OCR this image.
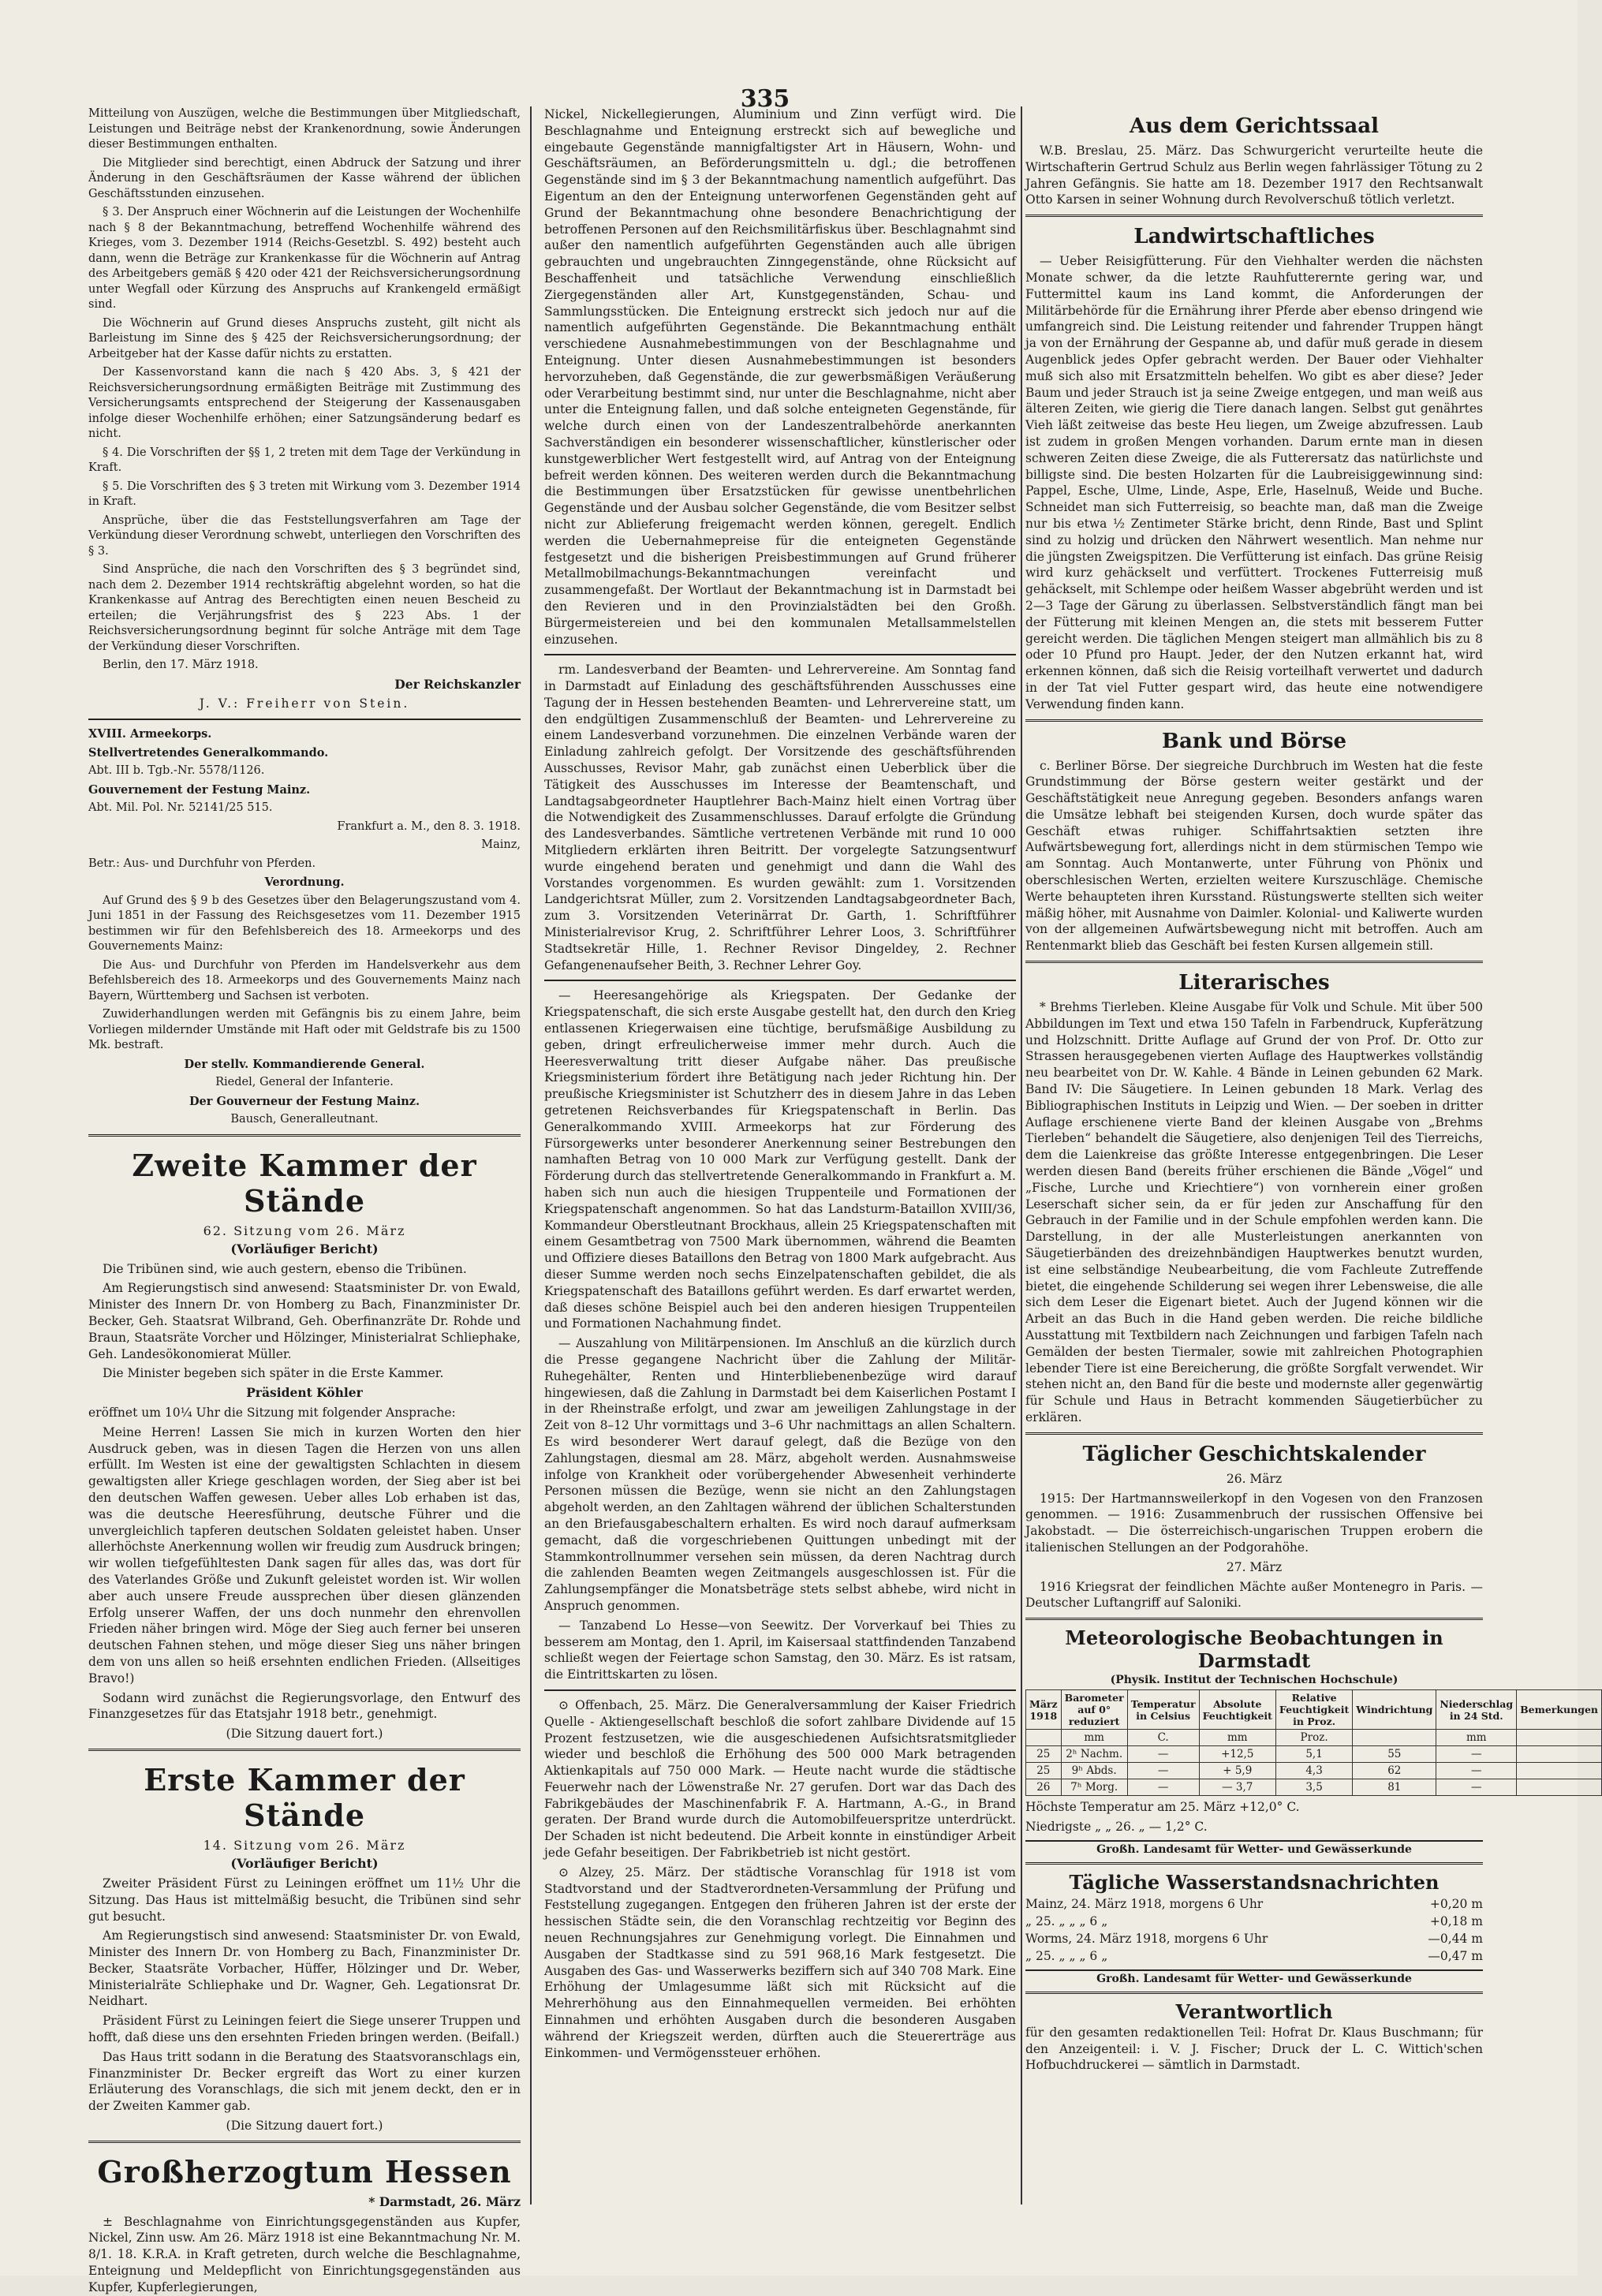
335

Mitteilung von Auszügen, welche die Bestimmungen über Mitgliedschaft, Leistungen und Beiträge nebst der Krankenordnung, sowie Änderungen dieser Bestimmungen enthalten.

Die Mitglieder sind berechtigt, einen Abdruck der Satzung und ihrer Änderung in den Geschäftsräumen der Kasse während der üblichen Geschäftsstunden einzusehen.

§ 3. Der Anspruch einer Wöchnerin auf die Leistungen der Wochenhilfe nach § 8 der Bekanntmachung, betreffend Wochenhilfe während des Krieges, vom 3. Dezember 1914 (Reichs-Gesetzbl. S. 492) besteht auch dann, wenn die Beträge zur Krankenkasse für die Wöchnerin auf Antrag des Arbeitgebers gemäß § 420 oder 421 der Reichsversicherungsordnung unter Wegfall oder Kürzung des Anspruchs auf Krankengeld ermäßigt sind.

Die Wöchnerin auf Grund dieses Anspruchs zusteht, gilt nicht als Barleistung im Sinne des § 425 der Reichsversicherungsordnung; der Arbeitgeber hat der Kasse dafür nichts zu erstatten.

Der Kassenvorstand kann die nach § 420 Abs. 3, § 421 der Reichsversicherungsordnung ermäßigten Beiträge mit Zustimmung des Versicherungsamts entsprechend der Steigerung der Kassenausgaben infolge dieser Wochenhilfe erhöhen; einer Satzungsänderung bedarf es nicht.

§ 4. Die Vorschriften der §§ 1, 2 treten mit dem Tage der Verkündung in Kraft.

§ 5. Die Vorschriften des § 3 treten mit Wirkung vom 3. Dezember 1914 in Kraft.

Ansprüche, über die das Feststellungsverfahren am Tage der Verkündung dieser Verordnung schwebt, unterliegen den Vorschriften des § 3.

Sind Ansprüche, die nach den Vorschriften des § 3 begründet sind, nach dem 2. Dezember 1914 rechtskräftig abgelehnt worden, so hat die Krankenkasse auf Antrag des Berechtigten einen neuen Bescheid zu erteilen; die Verjährungsfrist des § 223 Abs. 1 der Reichsversicherungsordnung beginnt für solche Anträge mit dem Tage der Verkündung dieser Vorschriften.

Berlin, den 17. März 1918.

Der Reichskanzler

J. V.: Freiherr von Stein.

XVIII. Armeekorps.

Stellvertretendes Generalkommando.

Abt. III b. Tgb.-Nr. 5578/1126.

Gouvernement der Festung Mainz.

Abt. Mil. Pol. Nr. 52141/25 515.

Frankfurt a. M., den 8. 3. 1918.

Mainz,

Betr.: Aus- und Durchfuhr von Pferden.

Verordnung.

Auf Grund des § 9 b des Gesetzes über den Belagerungszustand vom 4. Juni 1851 in der Fassung des Reichsgesetzes vom 11. Dezember 1915 bestimmen wir für den Befehlsbereich des 18. Armeekorps und des Gouvernements Mainz:

Die Aus- und Durchfuhr von Pferden im Handelsverkehr aus dem Befehlsbereich des 18. Armeekorps und des Gouvernements Mainz nach Bayern, Württemberg und Sachsen ist verboten.

Zuwiderhandlungen werden mit Gefängnis bis zu einem Jahre, beim Vorliegen mildernder Umstände mit Haft oder mit Geldstrafe bis zu 1500 Mk. bestraft.

Der stellv. Kommandierende General.

Riedel, General der Infanterie.

Der Gouverneur der Festung Mainz.

Bausch, Generalleutnant.

Zweite Kammer der Stände
62. Sitzung vom 26. März
(Vorläufiger Bericht)

Die Tribünen sind, wie auch gestern, ebenso die Tribünen.

Am Regierungstisch sind anwesend: Staatsminister Dr. von Ewald, Minister des Innern Dr. von Homberg zu Bach, Finanzminister Dr. Becker, Geh. Staatsrat Wilbrand, Geh. Oberfinanzräte Dr. Rohde und Braun, Staatsräte Vorcher und Hölzinger, Ministerialrat Schliephake, Geh. Landesökonomierat Müller.

Die Minister begeben sich später in die Erste Kammer.

Präsident Köhler

eröffnet um 10¼ Uhr die Sitzung mit folgender Ansprache:

Meine Herren! Lassen Sie mich in kurzen Worten den hier Ausdruck geben, was in diesen Tagen die Herzen von uns allen erfüllt. Im Westen ist eine der gewaltigsten Schlachten in diesem gewaltigsten aller Kriege geschlagen worden, der Sieg aber ist bei den deutschen Waffen gewesen. Ueber alles Lob erhaben ist das, was die deutsche Heeresführung, deutsche Führer und die unvergleichlich tapferen deutschen Soldaten geleistet haben. Unser allerhöchste Anerkennung wollen wir freudig zum Ausdruck bringen; wir wollen tiefgefühltesten Dank sagen für alles das, was dort für des Vaterlandes Größe und Zukunft geleistet worden ist. Wir wollen aber auch unsere Freude aussprechen über diesen glänzenden Erfolg unserer Waffen, der uns doch nunmehr den ehrenvollen Frieden näher bringen wird. Möge der Sieg auch ferner bei unseren deutschen Fahnen stehen, und möge dieser Sieg uns näher bringen dem von uns allen so heiß ersehnten endlichen Frieden. (Allseitiges Bravo!)

Sodann wird zunächst die Regierungsvorlage, den Entwurf des Finanzgesetzes für das Etatsjahr 1918 betr., genehmigt.

(Die Sitzung dauert fort.)

Erste Kammer der Stände
14. Sitzung vom 26. März
(Vorläufiger Bericht)

Zweiter Präsident Fürst zu Leiningen eröffnet um 11½ Uhr die Sitzung. Das Haus ist mittelmäßig besucht, die Tribünen sind sehr gut besucht.

Am Regierungstisch sind anwesend: Staatsminister Dr. von Ewald, Minister des Innern Dr. von Homberg zu Bach, Finanzminister Dr. Becker, Staatsräte Vorbacher, Hüffer, Hölzinger und Dr. Weber, Ministerialräte Schliephake und Dr. Wagner, Geh. Legationsrat Dr. Neidhart.

Präsident Fürst zu Leiningen feiert die Siege unserer Truppen und hofft, daß diese uns den ersehnten Frieden bringen werden. (Beifall.)

Das Haus tritt sodann in die Beratung des Staatsvoranschlags ein, Finanzminister Dr. Becker ergreift das Wort zu einer kurzen Erläuterung des Voranschlags, die sich mit jenem deckt, den er in der Zweiten Kammer gab.

(Die Sitzung dauert fort.)

Großherzogtum Hessen

* Darmstadt, 26. März

± Beschlagnahme von Einrichtungsgegenständen aus Kupfer, Nickel, Zinn usw. Am 26. März 1918 ist eine Bekanntmachung Nr. M. 8/1. 18. K.R.A. in Kraft getreten, durch welche die Beschlagnahme, Enteignung und Meldepflicht von Einrichtungsgegenständen aus Kupfer, Kupferlegierungen,

Nickel, Nickellegierungen, Aluminium und Zinn verfügt wird. Die Beschlagnahme und Enteignung erstreckt sich auf bewegliche und eingebaute Gegenstände mannigfaltigster Art in Häusern, Wohn- und Geschäftsräumen, an Beförderungsmitteln u. dgl.; die betroffenen Gegenstände sind im § 3 der Bekanntmachung namentlich aufgeführt. Das Eigentum an den der Enteignung unterworfenen Gegenständen geht auf Grund der Bekanntmachung ohne besondere Benachrichtigung der betroffenen Personen auf den Reichsmilitärfiskus über. Beschlagnahmt sind außer den namentlich aufgeführten Gegenständen auch alle übrigen gebrauchten und ungebrauchten Zinngegenstände, ohne Rücksicht auf Beschaffenheit und tatsächliche Verwendung einschließlich Ziergegenständen aller Art, Kunstgegenständen, Schau- und Sammlungsstücken. Die Enteignung erstreckt sich jedoch nur auf die namentlich aufgeführten Gegenstände. Die Bekanntmachung enthält verschiedene Ausnahmebestimmungen von der Beschlagnahme und Enteignung. Unter diesen Ausnahmebestimmungen ist besonders hervorzuheben, daß Gegenstände, die zur gewerbsmäßigen Veräußerung oder Verarbeitung bestimmt sind, nur unter die Beschlagnahme, nicht aber unter die Enteignung fallen, und daß solche enteigneten Gegenstände, für welche durch einen von der Landeszentralbehörde anerkannten Sachverständigen ein besonderer wissenschaftlicher, künstlerischer oder kunstgewerblicher Wert festgestellt wird, auf Antrag von der Enteignung befreit werden können. Des weiteren werden durch die Bekanntmachung die Bestimmungen über Ersatzstücken für gewisse unentbehrlichen Gegenstände und der Ausbau solcher Gegenstände, die vom Besitzer selbst nicht zur Ablieferung freigemacht werden können, geregelt. Endlich werden die Uebernahmepreise für die enteigneten Gegenstände festgesetzt und die bisherigen Preisbestimmungen auf Grund früherer Metallmobilmachungs-Bekanntmachungen vereinfacht und zusammengefaßt. Der Wortlaut der Bekanntmachung ist in Darmstadt bei den Revieren und in den Provinzialstädten bei den Großh. Bürgermeistereien und bei den kommunalen Metallsammelstellen einzusehen.

rm. Landesverband der Beamten- und Lehrervereine. Am Sonntag fand in Darmstadt auf Einladung des geschäftsführenden Ausschusses eine Tagung der in Hessen bestehenden Beamten- und Lehrervereine statt, um den endgültigen Zusammenschluß der Beamten- und Lehrervereine zu einem Landesverband vorzunehmen. Die einzelnen Verbände waren der Einladung zahlreich gefolgt. Der Vorsitzende des geschäftsführenden Ausschusses, Revisor Mahr, gab zunächst einen Ueberblick über die Tätigkeit des Ausschusses im Interesse der Beamtenschaft, und Landtagsabgeordneter Hauptlehrer Bach-Mainz hielt einen Vortrag über die Notwendigkeit des Zusammenschlusses. Darauf erfolgte die Gründung des Landesverbandes. Sämtliche vertretenen Verbände mit rund 10 000 Mitgliedern erklärten ihren Beitritt. Der vorgelegte Satzungsentwurf wurde eingehend beraten und genehmigt und dann die Wahl des Vorstandes vorgenommen. Es wurden gewählt: zum 1. Vorsitzenden Landgerichtsrat Müller, zum 2. Vorsitzenden Landtagsabgeordneter Bach, zum 3. Vorsitzenden Veterinärrat Dr. Garth, 1. Schriftführer Ministerialrevisor Krug, 2. Schriftführer Lehrer Loos, 3. Schriftführer Stadtsekretär Hille, 1. Rechner Revisor Dingeldey, 2. Rechner Gefangenenaufseher Beith, 3. Rechner Lehrer Goy.

— Heeresangehörige als Kriegspaten. Der Gedanke der Kriegspatenschaft, die sich erste Ausgabe gestellt hat, den durch den Krieg entlassenen Kriegerwaisen eine tüchtige, berufsmäßige Ausbildung zu geben, dringt erfreulicherweise immer mehr durch. Auch die Heeresverwaltung tritt dieser Aufgabe näher. Das preußische Kriegsministerium fördert ihre Betätigung nach jeder Richtung hin. Der preußische Kriegsminister ist Schutzherr des in diesem Jahre in das Leben getretenen Reichsverbandes für Kriegspatenschaft in Berlin. Das Generalkommando XVIII. Armeekorps hat zur Förderung des Fürsorgewerks unter besonderer Anerkennung seiner Bestrebungen den namhaften Betrag von 10 000 Mark zur Verfügung gestellt. Dank der Förderung durch das stellvertretende Generalkommando in Frankfurt a. M. haben sich nun auch die hiesigen Truppenteile und Formationen der Kriegspatenschaft angenommen. So hat das Landsturm-Bataillon XVIII/36, Kommandeur Oberstleutnant Brockhaus, allein 25 Kriegspatenschaften mit einem Gesamtbetrag von 7500 Mark übernommen, während die Beamten und Offiziere dieses Bataillons den Betrag von 1800 Mark aufgebracht. Aus dieser Summe werden noch sechs Einzelpatenschaften gebildet, die als Kriegspatenschaft des Bataillons geführt werden. Es darf erwartet werden, daß dieses schöne Beispiel auch bei den anderen hiesigen Truppenteilen und Formationen Nachahmung findet.

— Auszahlung von Militärpensionen. Im Anschluß an die kürzlich durch die Presse gegangene Nachricht über die Zahlung der Militär-Ruhegehälter, Renten und Hinterbliebenenbezüge wird darauf hingewiesen, daß die Zahlung in Darmstadt bei dem Kaiserlichen Postamt I in der Rheinstraße erfolgt, und zwar am jeweiligen Zahlungstage in der Zeit von 8–12 Uhr vormittags und 3–6 Uhr nachmittags an allen Schaltern. Es wird besonderer Wert darauf gelegt, daß die Bezüge von den Zahlungstagen, diesmal am 28. März, abgeholt werden. Ausnahmsweise infolge von Krankheit oder vorübergehender Abwesenheit verhinderte Personen müssen die Bezüge, wenn sie nicht an den Zahlungstagen abgeholt werden, an den Zahltagen während der üblichen Schalterstunden an den Briefausgabeschaltern erhalten. Es wird noch darauf aufmerksam gemacht, daß die vorgeschriebenen Quittungen unbedingt mit der Stammkontrollnummer versehen sein müssen, da deren Nachtrag durch die zahlenden Beamten wegen Zeitmangels ausgeschlossen ist. Für die Zahlungsempfänger die Monatsbeträge stets selbst abhebe, wird nicht in Anspruch genommen.

— Tanzabend Lo Hesse—von Seewitz. Der Vorverkauf bei Thies zu besserem am Montag, den 1. April, im Kaisersaal stattfindenden Tanzabend schließt wegen der Feiertage schon Samstag, den 30. März. Es ist ratsam, die Eintrittskarten zu lösen.

⊙ Offenbach, 25. März. Die Generalversammlung der Kaiser Friedrich Quelle - Aktiengesellschaft beschloß die sofort zahlbare Dividende auf 15 Prozent festzusetzen, wie die ausgeschiedenen Aufsichtsratsmitglieder wieder und beschloß die Erhöhung des 500 000 Mark betragenden Aktienkapitals auf 750 000 Mark. — Heute nacht wurde die städtische Feuerwehr nach der Löwenstraße Nr. 27 gerufen. Dort war das Dach des Fabrikgebäudes der Maschinenfabrik F. A. Hartmann, A.-G., in Brand geraten. Der Brand wurde durch die Automobilfeuerspritze unterdrückt. Der Schaden ist nicht bedeutend. Die Arbeit konnte in einstündiger Arbeit jede Gefahr beseitigen. Der Fabrikbetrieb ist nicht gestört.

⊙ Alzey, 25. März. Der städtische Voranschlag für 1918 ist vom Stadtvorstand und der Stadtverordneten-Versammlung der Prüfung und Feststellung zugegangen. Entgegen den früheren Jahren ist der erste der hessischen Städte sein, die den Voranschlag rechtzeitig vor Beginn des neuen Rechnungsjahres zur Genehmigung vorlegt. Die Einnahmen und Ausgaben der Stadtkasse sind zu 591 968,16 Mark festgesetzt. Die Ausgaben des Gas- und Wasserwerks beziffern sich auf 340 708 Mark. Eine Erhöhung der Umlagesumme läßt sich mit Rücksicht auf die Mehrerhöhung aus den Einnahmequellen vermeiden. Bei erhöhten Einnahmen und erhöhten Ausgaben durch die besonderen Ausgaben während der Kriegszeit werden, dürften auch die Steuererträge aus Einkommen- und Vermögenssteuer erhöhen.

Aus dem Gerichtssaal

W.B. Breslau, 25. März. Das Schwurgericht verurteilte heute die Wirtschafterin Gertrud Schulz aus Berlin wegen fahrlässiger Tötung zu 2 Jahren Gefängnis. Sie hatte am 18. Dezember 1917 den Rechtsanwalt Otto Karsen in seiner Wohnung durch Revolverschuß tötlich verletzt.

Landwirtschaftliches

— Ueber Reisigfütterung. Für den Viehhalter werden die nächsten Monate schwer, da die letzte Rauhfutterernte gering war, und Futtermittel kaum ins Land kommt, die Anforderungen der Militärbehörde für die Ernährung ihrer Pferde aber ebenso dringend wie umfangreich sind. Die Leistung reitender und fahrender Truppen hängt ja von der Ernährung der Gespanne ab, und dafür muß gerade in diesem Augenblick jedes Opfer gebracht werden. Der Bauer oder Viehhalter muß sich also mit Ersatzmitteln behelfen. Wo gibt es aber diese? Jeder Baum und jeder Strauch ist ja seine Zweige entgegen, und man weiß aus älteren Zeiten, wie gierig die Tiere danach langen. Selbst gut genährtes Vieh läßt zeitweise das beste Heu liegen, um Zweige abzufressen. Laub ist zudem in großen Mengen vorhanden. Darum ernte man in diesen schweren Zeiten diese Zweige, die als Futterersatz das natürlichste und billigste sind. Die besten Holzarten für die Laubreisiggewinnung sind: Pappel, Esche, Ulme, Linde, Aspe, Erle, Haselnuß, Weide und Buche. Schneidet man sich Futterreisig, so beachte man, daß man die Zweige nur bis etwa ½ Zentimeter Stärke bricht, denn Rinde, Bast und Splint sind zu holzig und drücken den Nährwert wesentlich. Man nehme nur die jüngsten Zweigspitzen. Die Verfütterung ist einfach. Das grüne Reisig wird kurz gehäckselt und verfüttert. Trockenes Futterreisig muß gehäckselt, mit Schlempe oder heißem Wasser abgebrüht werden und ist 2—3 Tage der Gärung zu überlassen. Selbstverständlich fängt man bei der Fütterung mit kleinen Mengen an, die stets mit besserem Futter gereicht werden. Die täglichen Mengen steigert man allmählich bis zu 8 oder 10 Pfund pro Haupt. Jeder, der den Nutzen erkannt hat, wird erkennen können, daß sich die Reisig vorteilhaft verwertet und dadurch in der Tat viel Futter gespart wird, das heute eine notwendigere Verwendung finden kann.

Bank und Börse

c. Berliner Börse. Der siegreiche Durchbruch im Westen hat die feste Grundstimmung der Börse gestern weiter gestärkt und der Geschäftstätigkeit neue Anregung gegeben. Besonders anfangs waren die Umsätze lebhaft bei steigenden Kursen, doch wurde später das Geschäft etwas ruhiger. Schiffahrtsaktien setzten ihre Aufwärtsbewegung fort, allerdings nicht in dem stürmischen Tempo wie am Sonntag. Auch Montanwerte, unter Führung von Phönix und oberschlesischen Werten, erzielten weitere Kurszuschläge. Chemische Werte behaupteten ihren Kursstand. Rüstungswerte stellten sich weiter mäßig höher, mit Ausnahme von Daimler. Kolonial- und Kaliwerte wurden von der allgemeinen Aufwärtsbewegung nicht mit betroffen. Auch am Rentenmarkt blieb das Geschäft bei festen Kursen allgemein still.

Literarisches

* Brehms Tierleben. Kleine Ausgabe für Volk und Schule. Mit über 500 Abbildungen im Text und etwa 150 Tafeln in Farbendruck, Kupferätzung und Holzschnitt. Dritte Auflage auf Grund der von Prof. Dr. Otto zur Strassen herausgegebenen vierten Auflage des Hauptwerkes vollständig neu bearbeitet von Dr. W. Kahle. 4 Bände in Leinen gebunden 62 Mark. Band IV: Die Säugetiere. In Leinen gebunden 18 Mark. Verlag des Bibliographischen Instituts in Leipzig und Wien. — Der soeben in dritter Auflage erschienene vierte Band der kleinen Ausgabe von „Brehms Tierleben“ behandelt die Säugetiere, also denjenigen Teil des Tierreichs, dem die Laienkreise das größte Interesse entgegenbringen. Die Leser werden diesen Band (bereits früher erschienen die Bände „Vögel“ und „Fische, Lurche und Kriechtiere“) von vornherein einer großen Leserschaft sicher sein, da er für jeden zur Anschaffung für den Gebrauch in der Familie und in der Schule empfohlen werden kann. Die Darstellung, in der alle Musterleistungen anerkannten von Säugetierbänden des dreizehnbändigen Hauptwerkes benutzt wurden, ist eine selbständige Neubearbeitung, die vom Fachleute Zutreffende bietet, die eingehende Schilderung sei wegen ihrer Lebensweise, die alle sich dem Leser die Eigenart bietet. Auch der Jugend können wir die Arbeit an das Buch in die Hand geben werden. Die reiche bildliche Ausstattung mit Textbildern nach Zeichnungen und farbigen Tafeln nach Gemälden der besten Tiermaler, sowie mit zahlreichen Photographien lebender Tiere ist eine Bereicherung, die größte Sorgfalt verwendet. Wir stehen nicht an, den Band für die beste und modernste aller gegenwärtig für Schule und Haus in Betracht kommenden Säugetierbücher zu erklären.

Täglicher Geschichtskalender

26. März

1915: Der Hartmannsweilerkopf in den Vogesen von den Franzosen genommen. — 1916: Zusammenbruch der russischen Offensive bei Jakobstadt. — Die österreichisch-ungarischen Truppen erobern die italienischen Stellungen an der Podgorahöhe.

27. März

1916 Kriegsrat der feindlichen Mächte außer Montenegro in Paris. — Deutscher Luftangriff auf Saloniki.

Meteorologische Beobachtungen in Darmstadt
(Physik. Institut der Technischen Hochschule)
März 1918	Barometer auf 0° reduziert	Temperatur in Celsius	Absolute Feuchtigkeit	Relative Feuchtigkeit in Proz.	Windrichtung	Niederschlag in 24 Std.	Bemerkungen
	mm	C.	mm	Proz.		mm	
25	2ʰ Nachm.	—	+12,5	5,1	55	—	
25	9ʰ Abds.	—	+ 5,9	4,3	62	—	
26	7ʰ Morg.	—	— 3,7	3,5	81	—	

Höchste Temperatur am 25. März +12,0° C.

Niedrigste „ „ 26. „ — 1,2° C.

Großh. Landesamt für Wetter- und Gewässerkunde
Tägliche Wasserstandsnachrichten
Mainz, 24. März 1918, morgens 6 Uhr	+0,20 m
„ 25. „ „ „ 6 „	+0,18 m
Worms, 24. März 1918, morgens 6 Uhr	—0,44 m
„ 25. „ „ „ 6 „	—0,47 m
Großh. Landesamt für Wetter- und Gewässerkunde
Verantwortlich

für den gesamten redaktionellen Teil: Hofrat Dr. Klaus Buschmann; für den Anzeigenteil: i. V. J. Fischer; Druck der L. C. Wittich'schen Hofbuchdruckerei — sämtlich in Darmstadt.
